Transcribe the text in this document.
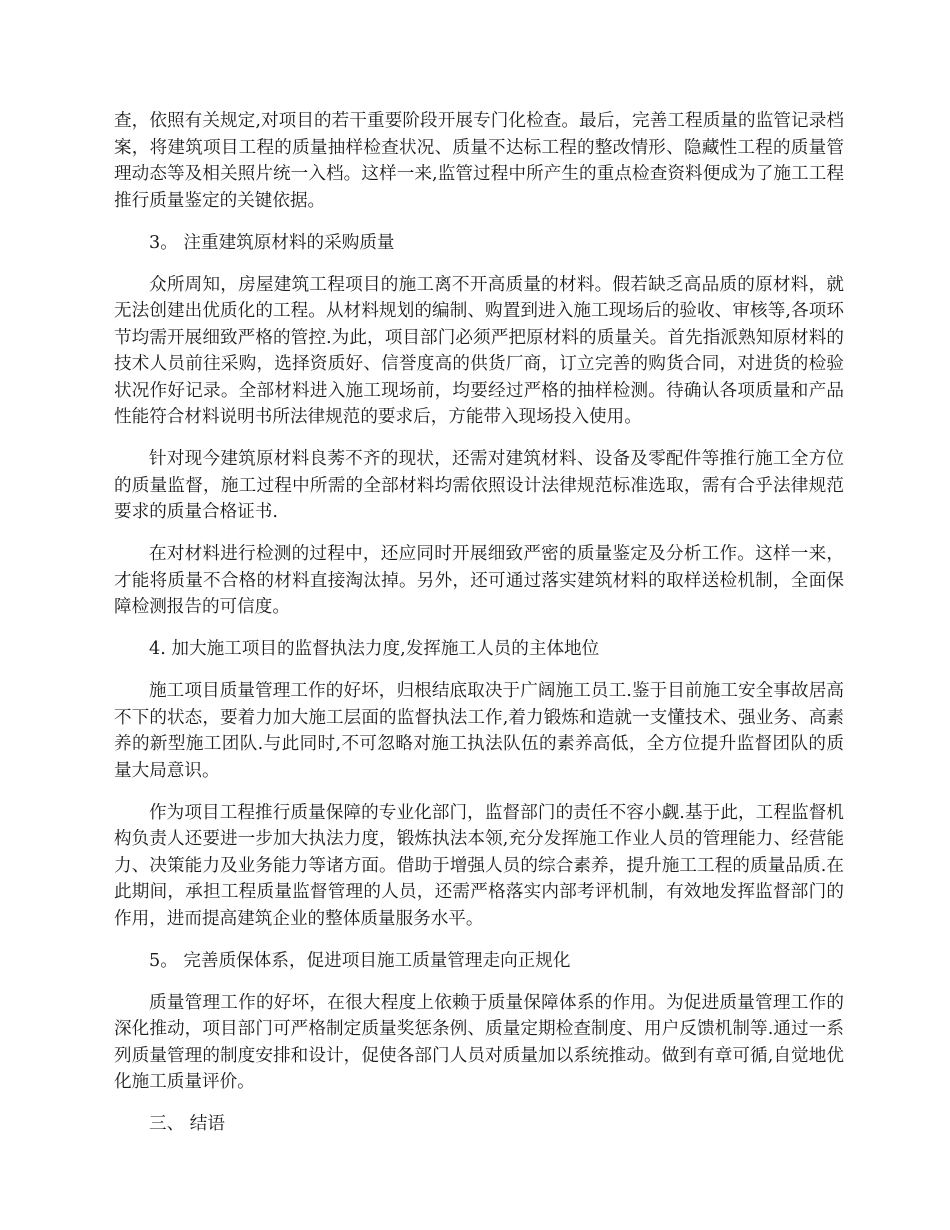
查，依照有关规定,对项目的若干重要阶段开展专门化检查。最后，完善工程质量的监管记录档案，将建筑项目工程的质量抽样检查状况、质量不达标工程的整改情形、隐藏性工程的质量管理动态等及相关照片统一入档。这样一来,监管过程中所产生的重点检查资料便成为了施工工程推行质量鉴定的关键依据。

3。 注重建筑原材料的采购质量

众所周知，房屋建筑工程项目的施工离不开高质量的材料。假若缺乏高品质的原材料，就无法创建出优质化的工程。从材料规划的编制、购置到进入施工现场后的验收、审核等,各项环节均需开展细致严格的管控.为此，项目部门必须严把原材料的质量关。首先指派熟知原材料的技术人员前往采购，选择资质好、信誉度高的供货厂商，订立完善的购货合同，对进货的检验状况作好记录。全部材料进入施工现场前，均要经过严格的抽样检测。待确认各项质量和产品性能符合材料说明书所法律规范的要求后，方能带入现场投入使用。

针对现今建筑原材料良莠不齐的现状，还需对建筑材料、设备及零配件等推行施工全方位的质量监督，施工过程中所需的全部材料均需依照设计法律规范标准选取，需有合乎法律规范要求的质量合格证书.

在对材料进行检测的过程中，还应同时开展细致严密的质量鉴定及分析工作。这样一来，才能将质量不合格的材料直接淘汰掉。另外，还可通过落实建筑材料的取样送检机制，全面保障检测报告的可信度。

4. 加大施工项目的监督执法力度,发挥施工人员的主体地位

施工项目质量管理工作的好坏，归根结底取决于广阔施工员工.鉴于目前施工安全事故居高不下的状态，要着力加大施工层面的监督执法工作,着力锻炼和造就一支懂技术、强业务、高素养的新型施工团队.与此同时,不可忽略对施工执法队伍的素养高低，全方位提升监督团队的质量大局意识。

作为项目工程推行质量保障的专业化部门，监督部门的责任不容小觑.基于此，工程监督机构负责人还要进一步加大执法力度，锻炼执法本领,充分发挥施工作业人员的管理能力、经营能力、决策能力及业务能力等诸方面。借助于增强人员的综合素养，提升施工工程的质量品质.在此期间，承担工程质量监督管理的人员，还需严格落实内部考评机制，有效地发挥监督部门的作用，进而提高建筑企业的整体质量服务水平。

5。 完善质保体系，促进项目施工质量管理走向正规化

质量管理工作的好坏，在很大程度上依赖于质量保障体系的作用。为促进质量管理工作的深化推动，项目部门可严格制定质量奖惩条例、质量定期检查制度、用户反馈机制等.通过一系列质量管理的制度安排和设计，促使各部门人员对质量加以系统推动。做到有章可循,自觉地优化施工质量评价。

三、 结语
